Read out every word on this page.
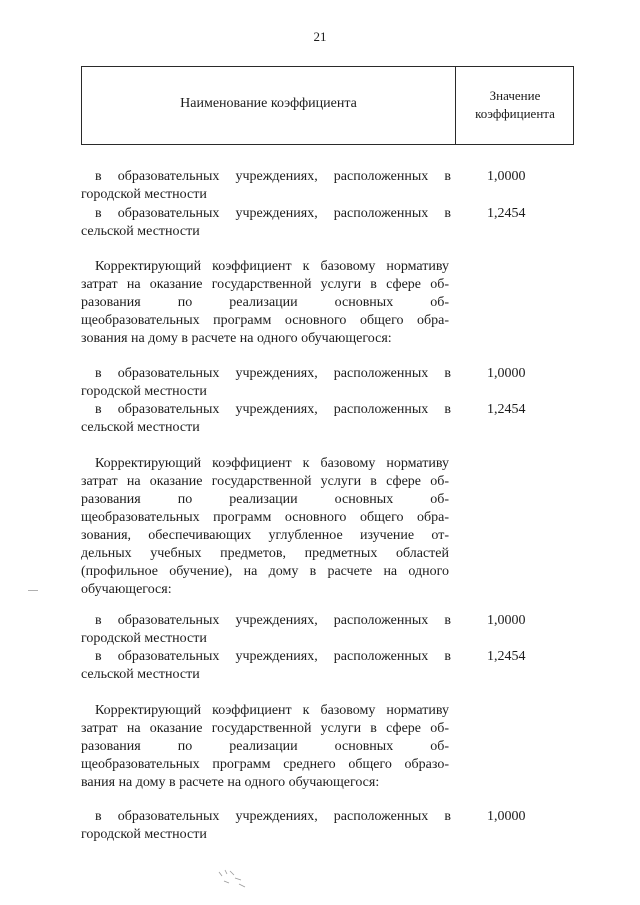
21
Наименование коэффициента
Значение
коэффициента
в образовательных учреждениях, расположенных в
городской местности
1,0000
в образовательных учреждениях, расположенных в
сельской местности
1,2454
Корректирующий коэффициент к базовому нормативу
затрат на оказание государственной услуги в сфере об-
разования по реализации основных об-
щеобразовательных программ основного общего обра-
зования на дому в расчете на одного обучающегося:
в образовательных учреждениях, расположенных в
городской местности
1,0000
в образовательных учреждениях, расположенных в
сельской местности
1,2454
Корректирующий коэффициент к базовому нормативу
затрат на оказание государственной услуги в сфере об-
разования по реализации основных об-
щеобразовательных программ основного общего обра-
зования, обеспечивающих углубленное изучение от-
дельных учебных предметов, предметных областей
(профильное обучение), на дому в расчете на одного
обучающегося:
в образовательных учреждениях, расположенных в
городской местности
1,0000
в образовательных учреждениях, расположенных в
сельской местности
1,2454
Корректирующий коэффициент к базовому нормативу
затрат на оказание государственной услуги в сфере об-
разования по реализации основных об-
щеобразовательных программ среднего общего образо-
вания на дому в расчете на одного обучающегося:
в образовательных учреждениях, расположенных в
городской местности
1,0000
